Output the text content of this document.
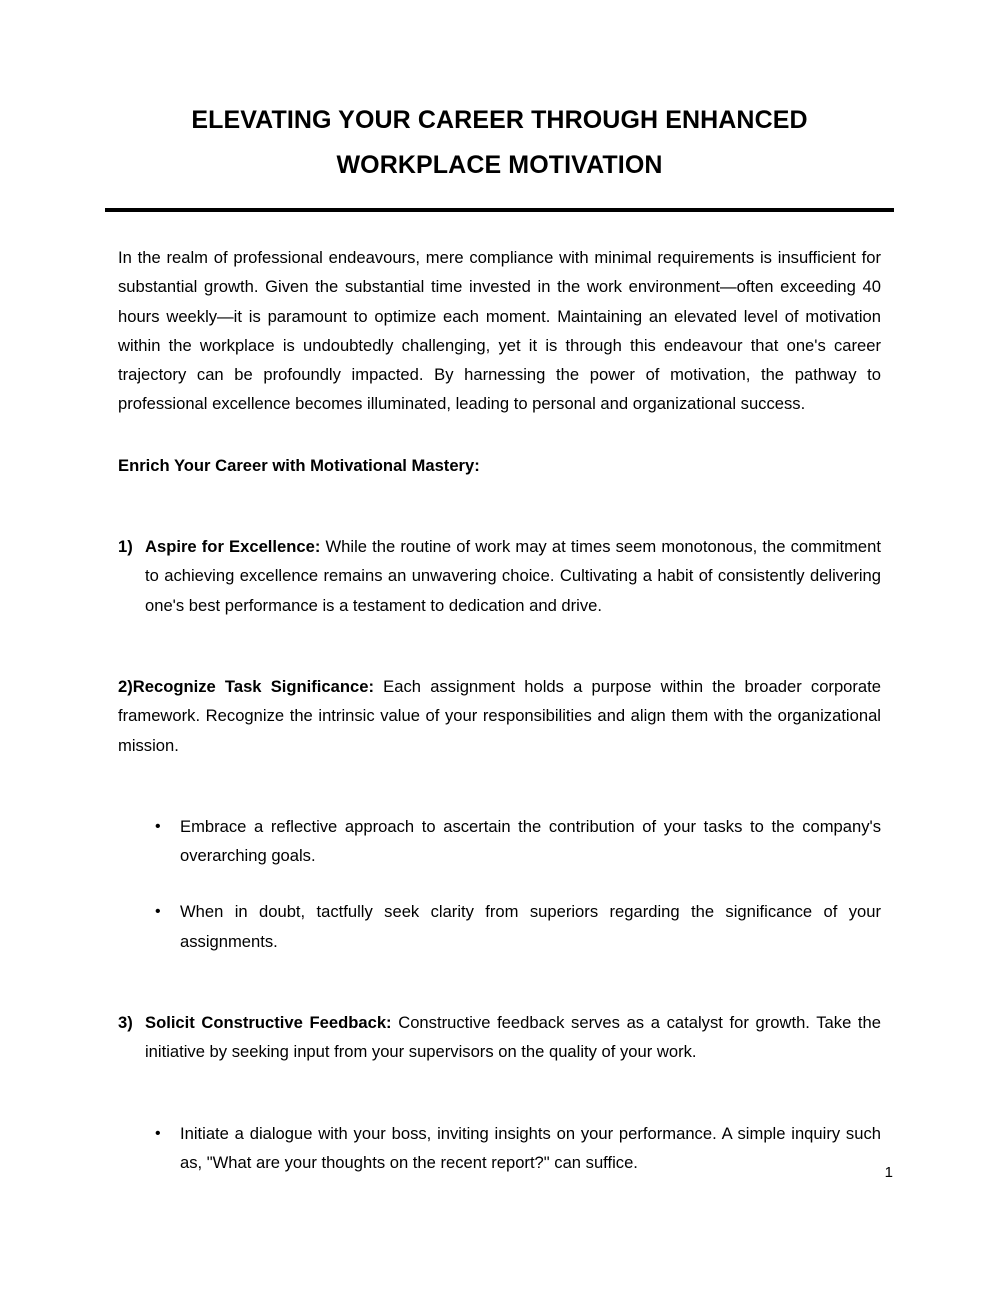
ELEVATING YOUR CAREER THROUGH ENHANCED
WORKPLACE MOTIVATION

In the realm of professional endeavours, mere compliance with minimal requirements is insufficient for substantial growth. Given the substantial time invested in the work environment—often exceeding 40 hours weekly—it is paramount to optimize each moment. Maintaining an elevated level of motivation within the workplace is undoubtedly challenging, yet it is through this endeavour that one's career trajectory can be profoundly impacted. By harnessing the power of motivation, the pathway to professional excellence becomes illuminated, leading to personal and organizational success.

Enrich Your Career with Motivational Mastery:

1) Aspire for Excellence: While the routine of work may at times seem monotonous, the commitment to achieving excellence remains an unwavering choice. Cultivating a habit of consistently delivering one's best performance is a testament to dedication and drive.
2)Recognize Task Significance: Each assignment holds a purpose within the broader corporate framework. Recognize the intrinsic value of your responsibilities and align them with the organizational mission.
• Embrace a reflective approach to ascertain the contribution of your tasks to the company's overarching goals.
• When in doubt, tactfully seek clarity from superiors regarding the significance of your assignments.
3) Solicit Constructive Feedback: Constructive feedback serves as a catalyst for growth. Take the initiative by seeking input from your supervisors on the quality of your work.
• Initiate a dialogue with your boss, inviting insights on your performance. A simple inquiry such as, "What are your thoughts on the recent report?" can suffice.
1
